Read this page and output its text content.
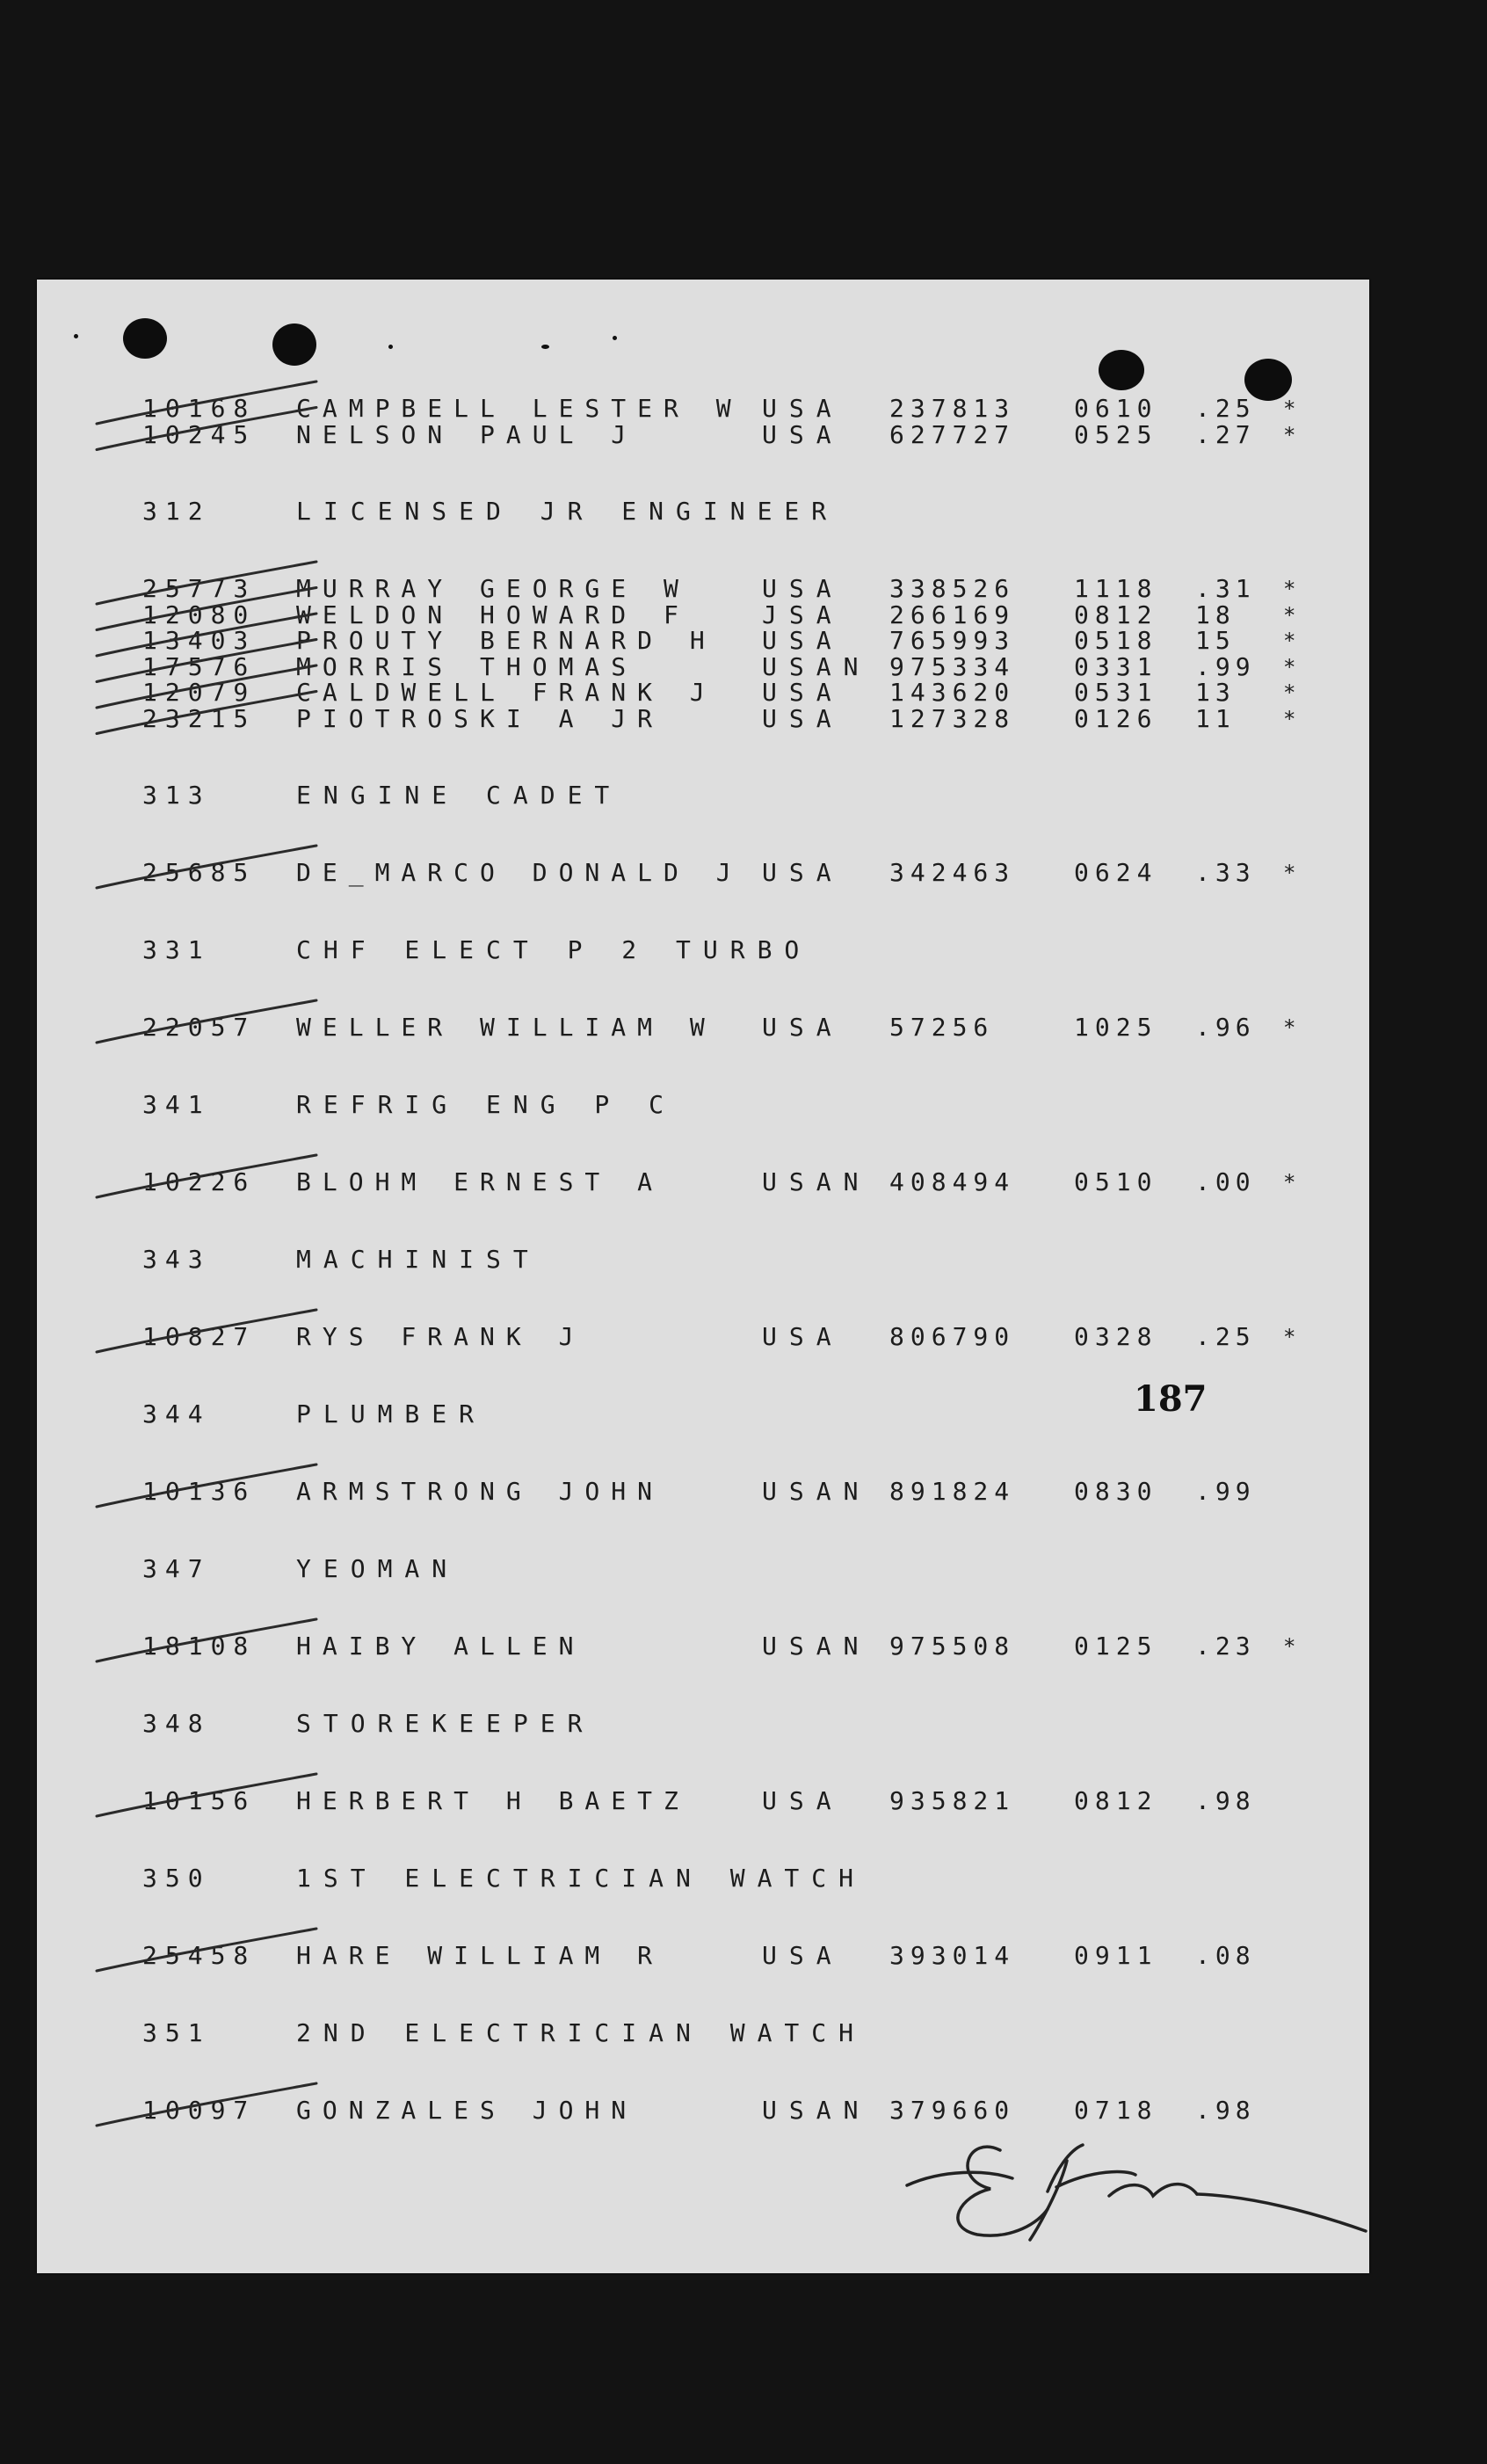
10168 CAMPBELL LESTER W USA 237813 0610 .25 *
10245 NELSON PAUL J	USA 627727 0525 .27 *
312	LICENSED JR ENGINEER
25773 MURRAY GEORGE W	USA 338526 1118 .31 *
12080 WELDON HOWARD F	JSA 266169 0812 18 *
13403 PROUTY BERNARD H USA 765993 0518 15 *
17576 MORRIS THOMAS	USAN 975334 0331 .99 *
12079 CALDWELL FRANK J USA 143620 0531 13 *
23215 PIOTROSKI A JR	USA 127328 0126 11 *
313	ENGINE CADET
25685 DE_MARCO DONALD J USA 342463 0624 .33 *
331	CHF ELECT P 2 TURBO
22057 WELLER WILLIAM W USA 57256	1025 .96 *
341	REFRIG ENG P C
10226 BLOHM ERNEST A	USAN 408494 0510 .00 *
343	MACHINIST
10827 RYS FRANK J	USA 806790 0328 .25 *
344	PLUMBER
10136 ARMSTRONG JOHN	USAN 891824 0830 .99
347	YEOMAN
18108 HAIBY ALLEN	USAN 975508 0125 .23 *
348	STOREKEEPER
10156 HERBERT H BAETZ	USA 935821 0812 .98
350	1ST ELECTRICIAN WATCH
25458 HARE WILLIAM R	USA 393014 0911 .08
351	2ND ELECTRICIAN WATCH
10097 GONZALES JOHN	USAN 379660 0718 .98
187
